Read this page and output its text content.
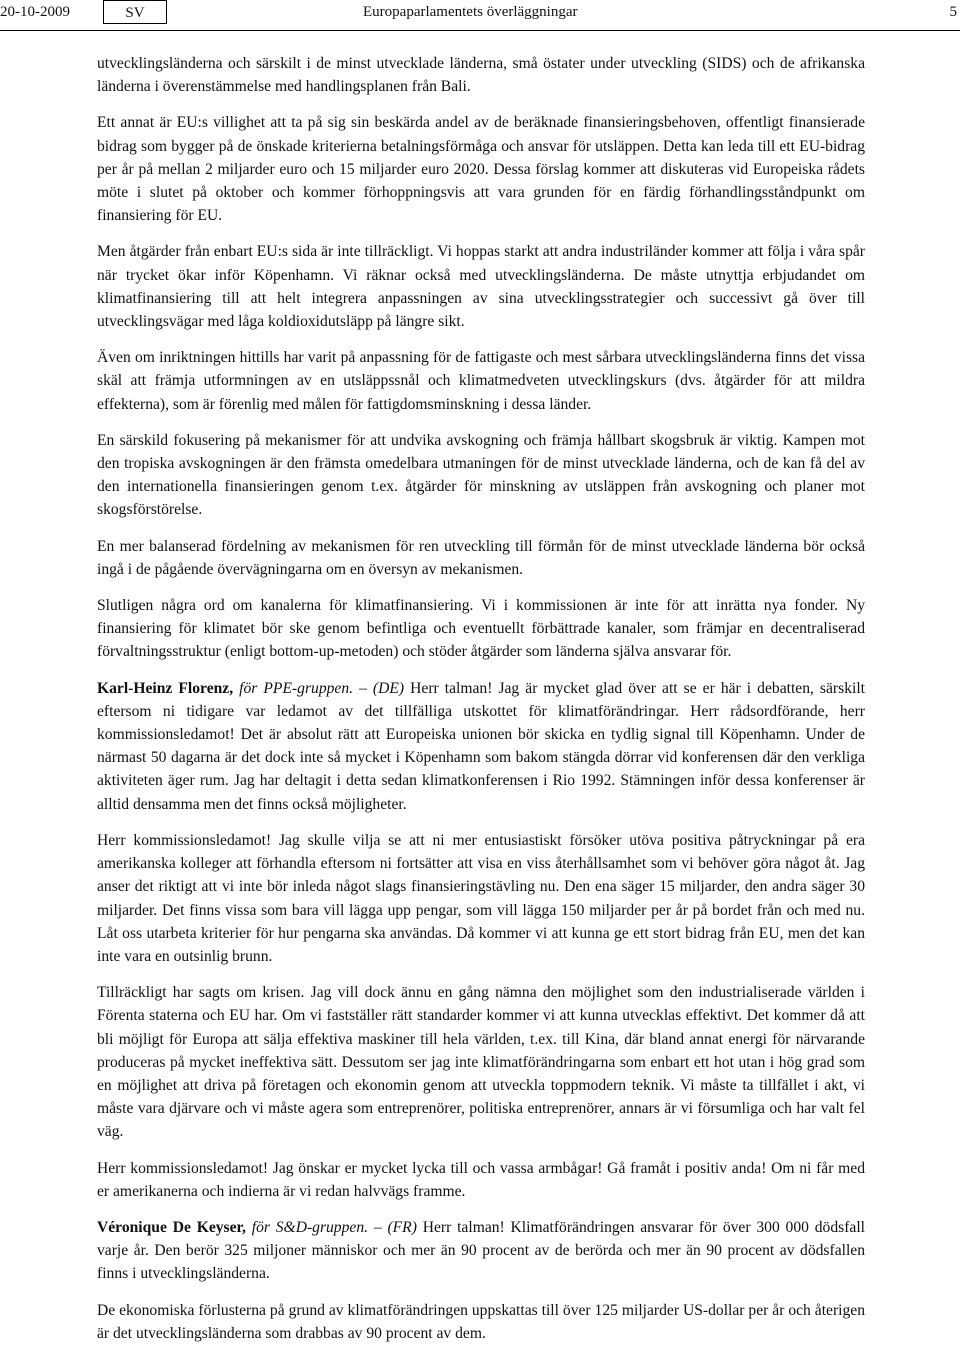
20-10-2009	SV	Europaparlamentets överläggningar	5

utvecklingsländerna och särskilt i de minst utvecklade länderna, små östater under utveckling (SIDS) och de afrikanska länderna i överenstämmelse med handlingsplanen från Bali.

Ett annat är EU:s villighet att ta på sig sin beskärda andel av de beräknade finansieringsbehoven, offentligt finansierade bidrag som bygger på de önskade kriterierna betalningsförmåga och ansvar för utsläppen. Detta kan leda till ett EU-bidrag per år på mellan 2 miljarder euro och 15 miljarder euro 2020. Dessa förslag kommer att diskuteras vid Europeiska rådets möte i slutet på oktober och kommer förhoppningsvis att vara grunden för en färdig förhandlingsståndpunkt om finansiering för EU.

Men åtgärder från enbart EU:s sida är inte tillräckligt. Vi hoppas starkt att andra industriländer kommer att följa i våra spår när trycket ökar inför Köpenhamn. Vi räknar också med utvecklingsländerna. De måste utnyttja erbjudandet om klimatfinansiering till att helt integrera anpassningen av sina utvecklingsstrategier och successivt gå över till utvecklingsvägar med låga koldioxidutsläpp på längre sikt.

Även om inriktningen hittills har varit på anpassning för de fattigaste och mest sårbara utvecklingsländerna finns det vissa skäl att främja utformningen av en utsläppssnål och klimatmedveten utvecklingskurs (dvs. åtgärder för att mildra effekterna), som är förenlig med målen för fattigdomsminskning i dessa länder.

En särskild fokusering på mekanismer för att undvika avskogning och främja hållbart skogsbruk är viktig. Kampen mot den tropiska avskogningen är den främsta omedelbara utmaningen för de minst utvecklade länderna, och de kan få del av den internationella finansieringen genom t.ex. åtgärder för minskning av utsläppen från avskogning och planer mot skogsförstörelse.

En mer balanserad fördelning av mekanismen för ren utveckling till förmån för de minst utvecklade länderna bör också ingå i de pågående övervägningarna om en översyn av mekanismen.

Slutligen några ord om kanalerna för klimatfinansiering. Vi i kommissionen är inte för att inrätta nya fonder. Ny finansiering för klimatet bör ske genom befintliga och eventuellt förbättrade kanaler, som främjar en decentraliserad förvaltningsstruktur (enligt bottom-up-metoden) och stöder åtgärder som länderna själva ansvarar för.

Karl-Heinz Florenz, för PPE-gruppen. – (DE) Herr talman! Jag är mycket glad över att se er här i debatten, särskilt eftersom ni tidigare var ledamot av det tillfälliga utskottet för klimatförändringar. Herr rådsordförande, herr kommissionsledamot! Det är absolut rätt att Europeiska unionen bör skicka en tydlig signal till Köpenhamn. Under de närmast 50 dagarna är det dock inte så mycket i Köpenhamn som bakom stängda dörrar vid konferensen där den verkliga aktiviteten äger rum. Jag har deltagit i detta sedan klimatkonferensen i Rio 1992. Stämningen inför dessa konferenser är alltid densamma men det finns också möjligheter.

Herr kommissionsledamot! Jag skulle vilja se att ni mer entusiastiskt försöker utöva positiva påtryckningar på era amerikanska kolleger att förhandla eftersom ni fortsätter att visa en viss återhållsamhet som vi behöver göra något åt. Jag anser det riktigt att vi inte bör inleda något slags finansieringstävling nu. Den ena säger 15 miljarder, den andra säger 30 miljarder. Det finns vissa som bara vill lägga upp pengar, som vill lägga 150 miljarder per år på bordet från och med nu. Låt oss utarbeta kriterier för hur pengarna ska användas. Då kommer vi att kunna ge ett stort bidrag från EU, men det kan inte vara en outsinlig brunn.

Tillräckligt har sagts om krisen. Jag vill dock ännu en gång nämna den möjlighet som den industrialiserade världen i Förenta staterna och EU har. Om vi fastställer rätt standarder kommer vi att kunna utvecklas effektivt. Det kommer då att bli möjligt för Europa att sälja effektiva maskiner till hela världen, t.ex. till Kina, där bland annat energi för närvarande produceras på mycket ineffektiva sätt. Dessutom ser jag inte klimatförändringarna som enbart ett hot utan i hög grad som en möjlighet att driva på företagen och ekonomin genom att utveckla toppmodern teknik. Vi måste ta tillfället i akt, vi måste vara djärvare och vi måste agera som entreprenörer, politiska entreprenörer, annars är vi försumliga och har valt fel väg.

Herr kommissionsledamot! Jag önskar er mycket lycka till och vassa armbågar! Gå framåt i positiv anda! Om ni får med er amerikanerna och indierna är vi redan halvvägs framme.

Véronique De Keyser, för S&D-gruppen. – (FR) Herr talman! Klimatförändringen ansvarar för över 300 000 dödsfall varje år. Den berör 325 miljoner människor och mer än 90 procent av de berörda och mer än 90 procent av dödsfallen finns i utvecklingsländerna.

De ekonomiska förlusterna på grund av klimatförändringen uppskattas till över 125 miljarder US-dollar per år och återigen är det utvecklingsländerna som drabbas av 90 procent av dem.
